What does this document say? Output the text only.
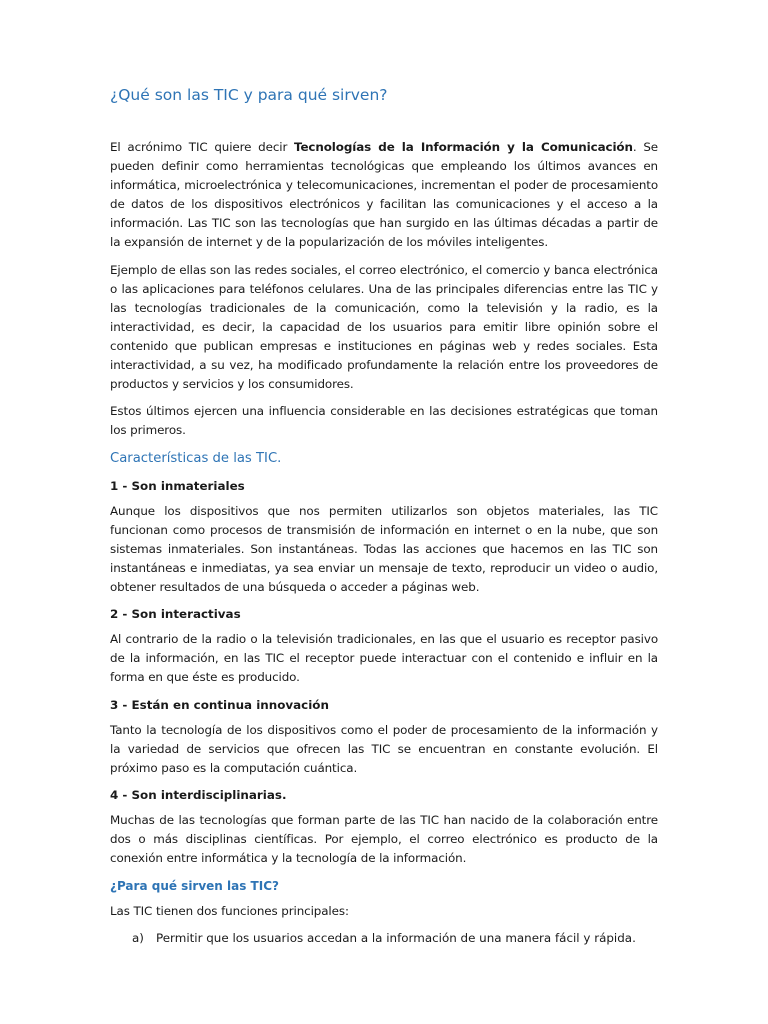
¿Qué son las TIC y para qué sirven?

El acrónimo TIC quiere decir Tecnologías de la Información y la Comunicación. Se pueden definir como herramientas tecnológicas que empleando los últimos avances en informática, microelectrónica y telecomunicaciones, incrementan el poder de procesamiento de datos de los dispositivos electrónicos y facilitan las comunicaciones y el acceso a la información. Las TIC son las tecnologías que han surgido en las últimas décadas a partir de la expansión de internet y de la popularización de los móviles inteligentes.

Ejemplo de ellas son las redes sociales, el correo electrónico, el comercio y banca electrónica o las aplicaciones para teléfonos celulares. Una de las principales diferencias entre las TIC y las tecnologías tradicionales de la comunicación, como la televisión y la radio, es la interactividad, es decir, la capacidad de los usuarios para emitir libre opinión sobre el contenido que publican empresas e instituciones en páginas web y redes sociales. Esta interactividad, a su vez, ha modificado profundamente la relación entre los proveedores de productos y servicios y los consumidores.

Estos últimos ejercen una influencia considerable en las decisiones estratégicas que toman los primeros.

Características de las TIC.
1 - Son inmateriales

Aunque los dispositivos que nos permiten utilizarlos son objetos materiales, las TIC funcionan como procesos de transmisión de información en internet o en la nube, que son sistemas inmateriales. Son instantáneas. Todas las acciones que hacemos en las TIC son instantáneas e inmediatas, ya sea enviar un mensaje de texto, reproducir un video o audio, obtener resultados de una búsqueda o acceder a páginas web.

2 - Son interactivas

Al contrario de la radio o la televisión tradicionales, en las que el usuario es receptor pasivo de la información, en las TIC el receptor puede interactuar con el contenido e influir en la forma en que éste es producido.

3 - Están en continua innovación

Tanto la tecnología de los dispositivos como el poder de procesamiento de la información y la variedad de servicios que ofrecen las TIC se encuentran en constante evolución. El próximo paso es la computación cuántica.

4 - Son interdisciplinarias.

Muchas de las tecnologías que forman parte de las TIC han nacido de la colaboración entre dos o más disciplinas científicas. Por ejemplo, el correo electrónico es producto de la conexión entre informática y la tecnología de la información.

¿Para qué sirven las TIC?

Las TIC tienen dos funciones principales:

a)	Permitir que los usuarios accedan a la información de una manera fácil y rápida.
